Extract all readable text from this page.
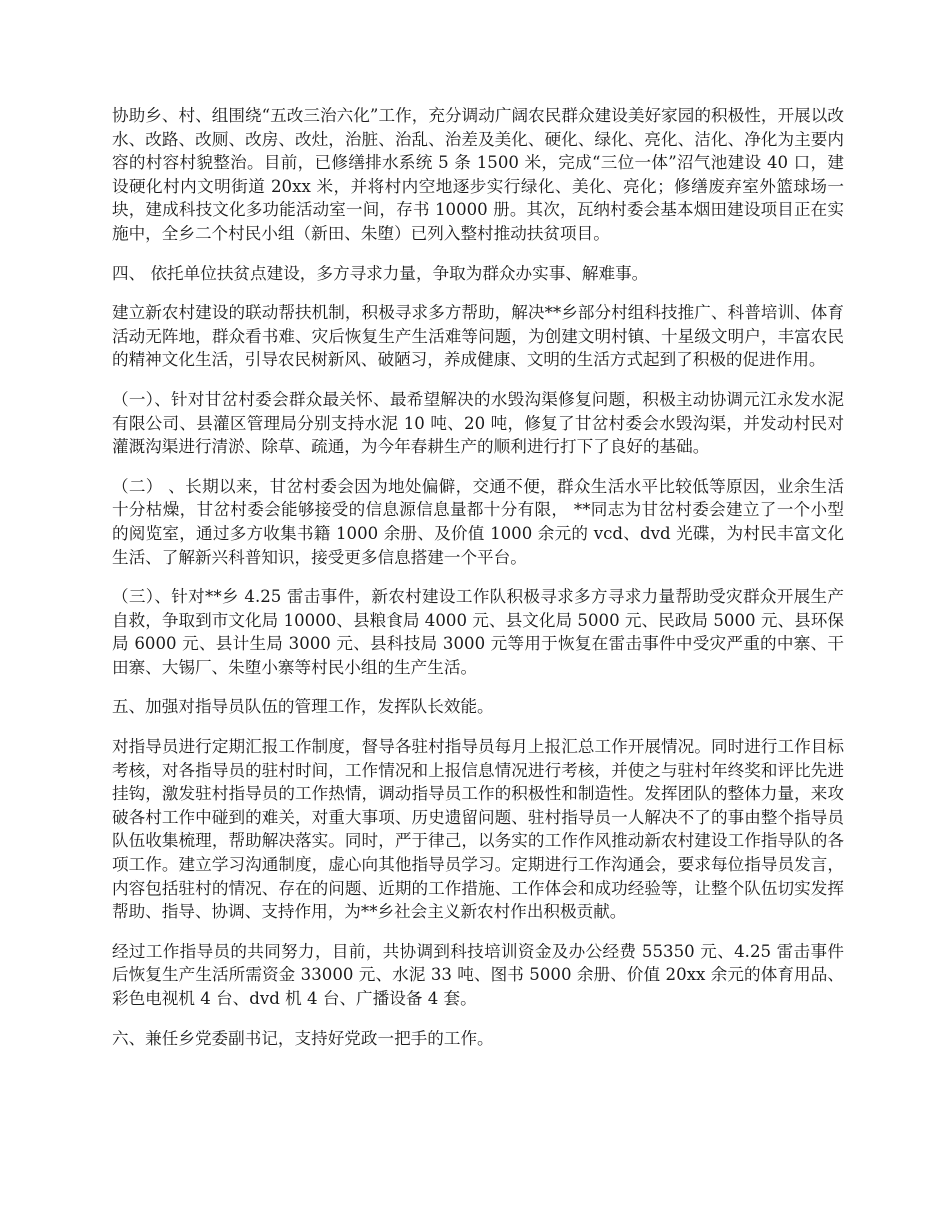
协助乡、村、组围绕“五改三治六化”工作，充分调动广阔农民群众建设美好家园的积极性，开展以改水、改路、改厕、改房、改灶，治脏、治乱、治差及美化、硬化、绿化、亮化、洁化、净化为主要内容的村容村貌整治。目前，已修缮排水系统 5 条 1500 米，完成“三位一体”沼气池建设 40 口，建设硬化村内文明街道 20xx 米，并将村内空地逐步实行绿化、美化、亮化；修缮废弃室外篮球场一块，建成科技文化多功能活动室一间，存书 10000 册。其次，瓦纳村委会基本烟田建设项目正在实施中，全乡二个村民小组（新田、朱堕）已列入整村推动扶贫项目。

四、 依托单位扶贫点建设，多方寻求力量，争取为群众办实事、解难事。

建立新农村建设的联动帮扶机制，积极寻求多方帮助，解决**乡部分村组科技推广、科普培训、体育活动无阵地，群众看书难、灾后恢复生产生活难等问题，为创建文明村镇、十星级文明户，丰富农民的精神文化生活，引导农民树新风、破陋习，养成健康、文明的生活方式起到了积极的促进作用。

（一）、针对甘岔村委会群众最关怀、最希望解决的水毁沟渠修复问题，积极主动协调元江永发水泥有限公司、县灌区管理局分别支持水泥 10 吨、20 吨，修复了甘岔村委会水毁沟渠，并发动村民对灌溉沟渠进行清淤、除草、疏通，为今年春耕生产的顺利进行打下了良好的基础。

（二） 、长期以来，甘岔村委会因为地处偏僻，交通不便，群众生活水平比较低等原因，业余生活十分枯燥，甘岔村委会能够接受的信息源信息量都十分有限， **同志为甘岔村委会建立了一个小型的阅览室，通过多方收集书籍 1000 余册、及价值 1000 余元的 vcd、dvd 光碟，为村民丰富文化生活、了解新兴科普知识，接受更多信息搭建一个平台。

（三）、针对**乡 4.25 雷击事件，新农村建设工作队积极寻求多方寻求力量帮助受灾群众开展生产自救，争取到市文化局 10000、县粮食局 4000 元、县文化局 5000 元、民政局 5000 元、县环保局 6000 元、县计生局 3000 元、县科技局 3000 元等用于恢复在雷击事件中受灾严重的中寨、干田寨、大锡厂、朱堕小寨等村民小组的生产生活。

五、加强对指导员队伍的管理工作，发挥队长效能。

对指导员进行定期汇报工作制度，督导各驻村指导员每月上报汇总工作开展情况。同时进行工作目标考核，对各指导员的驻村时间，工作情况和上报信息情况进行考核，并使之与驻村年终奖和评比先进挂钩，激发驻村指导员的工作热情，调动指导员工作的积极性和制造性。发挥团队的整体力量，来攻破各村工作中碰到的难关，对重大事项、历史遗留问题、驻村指导员一人解决不了的事由整个指导员队伍收集梳理，帮助解决落实。同时，严于律己，以务实的工作作风推动新农村建设工作指导队的各项工作。建立学习沟通制度，虚心向其他指导员学习。定期进行工作沟通会，要求每位指导员发言，内容包括驻村的情况、存在的问题、近期的工作措施、工作体会和成功经验等，让整个队伍切实发挥帮助、指导、协调、支持作用，为**乡社会主义新农村作出积极贡献。

经过工作指导员的共同努力，目前，共协调到科技培训资金及办公经费 55350 元、4.25 雷击事件后恢复生产生活所需资金 33000 元、水泥 33 吨、图书 5000 余册、价值 20xx 余元的体育用品、彩色电视机 4 台、dvd 机 4 台、广播设备 4 套。

六、兼任乡党委副书记，支持好党政一把手的工作。
